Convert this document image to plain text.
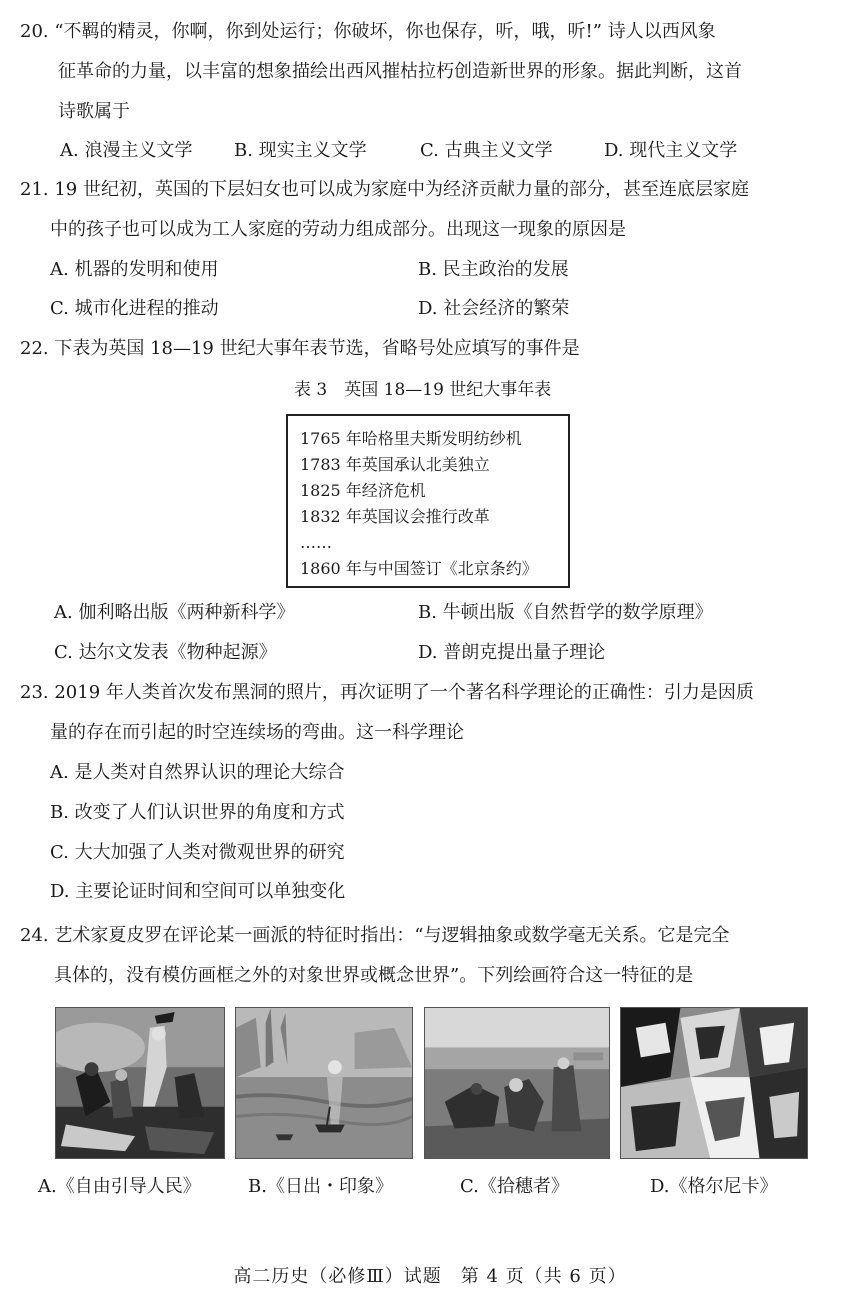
20. “不羁的精灵，你啊，你到处运行；你破坏，你也保存，听，哦，听!” 诗人以西风象
征革命的力量，以丰富的想象描绘出西风摧枯拉朽创造新世界的形象。据此判断，这首
诗歌属于
A. 浪漫主义文学 B. 现实主义文学	C. 古典主义文学	D. 现代主义文学
21. 19 世纪初，英国的下层妇女也可以成为家庭中为经济贡献力量的部分，甚至连底层家庭
中的孩子也可以成为工人家庭的劳动力组成部分。出现这一现象的原因是
A. 机器的发明和使用	B. 民主政治的发展
C. 城市化进程的推动	D. 社会经济的繁荣
22. 下表为英国 18—19 世纪大事年表节选，省略号处应填写的事件是
表 3　英国 18—19 世纪大事年表
1765 年哈格里夫斯发明纺纱机
1783 年英国承认北美独立
1825 年经济危机
1832 年英国议会推行改革
……
1860 年与中国签订《北京条约》
A. 伽利略出版《两种新科学》	B. 牛顿出版《自然哲学的数学原理》
C. 达尔文发表《物种起源》	D. 普朗克提出量子理论
23. 2019 年人类首次发布黑洞的照片，再次证明了一个著名科学理论的正确性：引力是因质
量的存在而引起的时空连续场的弯曲。这一科学理论
A. 是人类对自然界认识的理论大综合
B. 改变了人们认识世界的角度和方式
C. 大大加强了人类对微观世界的研究
D. 主要论证时间和空间可以单独变化
24. 艺术家夏皮罗在评论某一画派的特征时指出：“与逻辑抽象或数学毫无关系。它是完全
具体的，没有模仿画框之外的对象世界或概念世界”。下列绘画符合这一特征的是
A.《自由引导人民》	B.《日出・印象》	C.《拾穗者》	D.《格尔尼卡》
高二历史（必修Ⅲ）试题　第 4 页（共 6 页）
